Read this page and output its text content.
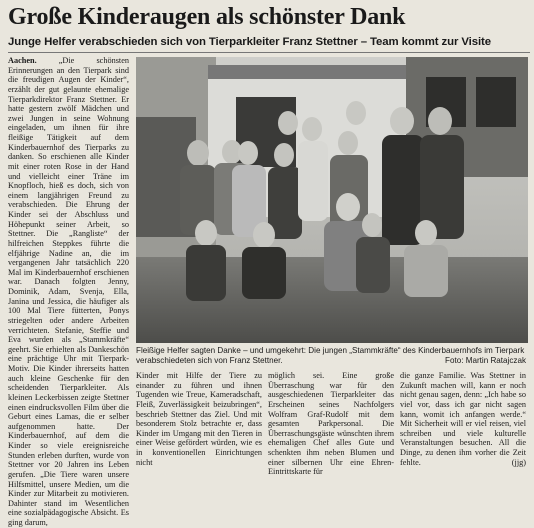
Große Kinderaugen als schönster Dank
Junge Helfer verabschieden sich von Tierparkleiter Franz Stettner – Team kommt zur Visite

Aachen.	„Die schönsten Erinnerungen an den Tierpark sind die freudigen Augen der Kinder“, erzählt der gut gelaunte ehemalige Tierparkdirektor Franz Stettner. Er hatte gestern zwölf Mädchen und zwei Jungen in seine Wohnung eingeladen, um ihnen für ihre fleißige Tätigkeit auf dem Kinderbauernhof des Tierparks zu danken. So erschienen alle Kinder mit einer roten Rose in der Hand und vielleicht einer Träne im Knopfloch, hieß es doch, sich von einem langjährigen Freund zu verabschieden. Die Ehrung der Kinder sei der Abschluss und Höhepunkt seiner Arbeit, so Stettner. Die „Rangliste“ der hilfreichen Steppkes führte die elfjährige Nadine an, die im vergangenen Jahr tatsächlich 220 Mal im Kinderbauernhof erschienen war. Danach folgten Jenny, Dominik, Adam, Svenja, Ella, Janina und Jessica, die häufiger als 100 Mal Tiere fütterten, Ponys striegelten oder andere Arbeiten verrichteten. Stefanie, Steffie und Eva wurden als „Stammkräfte“ geehrt. Sie erhielten als Dankeschön eine prächtige Uhr mit Tierpark-Motiv. Die Kinder ihrerseits hatten auch kleine Geschenke für den scheidenden Tierparkleiter. Als kleinen Leckerbissen zeigte Stettner einen eindrucksvollen Film über die Geburt eines Lamas, die er selber aufgenommen hatte. Der Kinderbauernhof, auf dem die Kinder so viele ereignisreiche Stunden erleben durften, wurde von Stettner vor 20 Jahren ins Leben gerufen. „Die Tiere waren unsere Hilfsmittel, unsere Medien, um die Kinder zur Mitarbeit zu motivieren. Dahinter stand im Wesentlichen eine sozialpädagogische Absicht. Es ging darum,

Fleißige Helfer sagten Danke – und umgekehrt: Die jungen „Stammkräfte“ des Kinderbauernhofs im Tierpark verabschiedeten sich von Franz Stettner.	Foto: Martin Ratajczak

Kinder mit Hilfe der Tiere zu einander zu führen und ihnen Tugenden wie Treue, Kameradschaft, Fleiß, Zuverlässigkeit beizubringen“, beschrieb Stettner das Ziel. Und mit besonderem Stolz betrachte er, dass Kinder im Umgang mit den Tieren in einer Weise gefördert würden, wie es in konventionellen Einrichtungen nicht

möglich sei. Eine große Überraschung war für den ausgeschiedenen Tierparkleiter das Erscheinen seines Nachfolgers Wolfram Graf-Rudolf mit dem gesamten Parkpersonal. Die Überraschungsgäste wünschten ihrem ehemaligen Chef alles Gute und schenkten ihm neben Blumen und einer silbernen Uhr eine Ehren-Eintrittskarte für

die ganze Familie. Was Stettner in Zukunft machen will, kann er noch nicht genau sagen, denn: „Ich habe so viel vor, dass ich gar nicht sagen kann, womit ich anfangen werde.“ Mit Sicherheit will er viel reisen, viel schreiben und viele kulturelle Veranstaltungen besuchen. All die Dinge, zu denen ihm vorher die Zeit fehlte.	(jjg)
